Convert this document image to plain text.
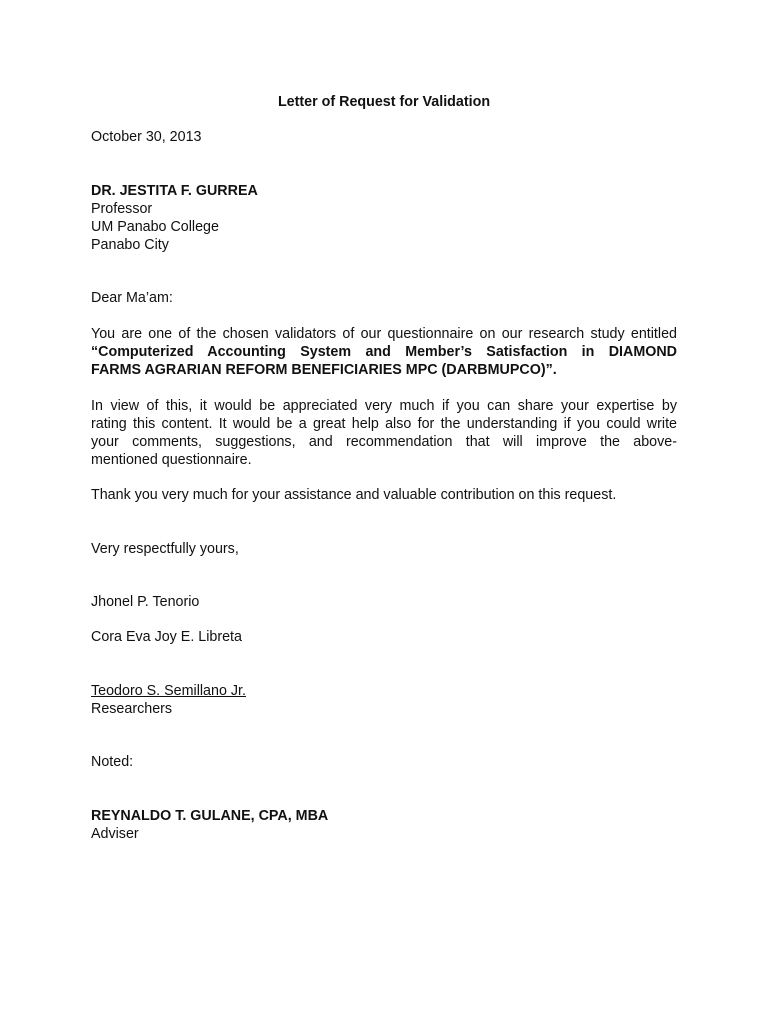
Letter of Request for Validation
October 30, 2013
DR. JESTITA F. GURREA
Professor
UM Panabo College
Panabo City
Dear Ma’am:
You are one of the chosen validators of our questionnaire on our research study entitled
“Computerized Accounting System and Member’s Satisfaction in DIAMOND
FARMS AGRARIAN REFORM BENEFICIARIES MPC (DARBMUPCO)”.
In view of this, it would be appreciated very much if you can share your expertise by
rating this content. It would be a great help also for the understanding if you could write
your comments, suggestions, and recommendation that will improve the above-
mentioned questionnaire.
Thank you very much for your assistance and valuable contribution on this request.
Very respectfully yours,
Jhonel P. Tenorio
Cora Eva Joy E. Libreta
Teodoro S. Semillano Jr.
Researchers
Noted:
REYNALDO T. GULANE, CPA, MBA
Adviser
